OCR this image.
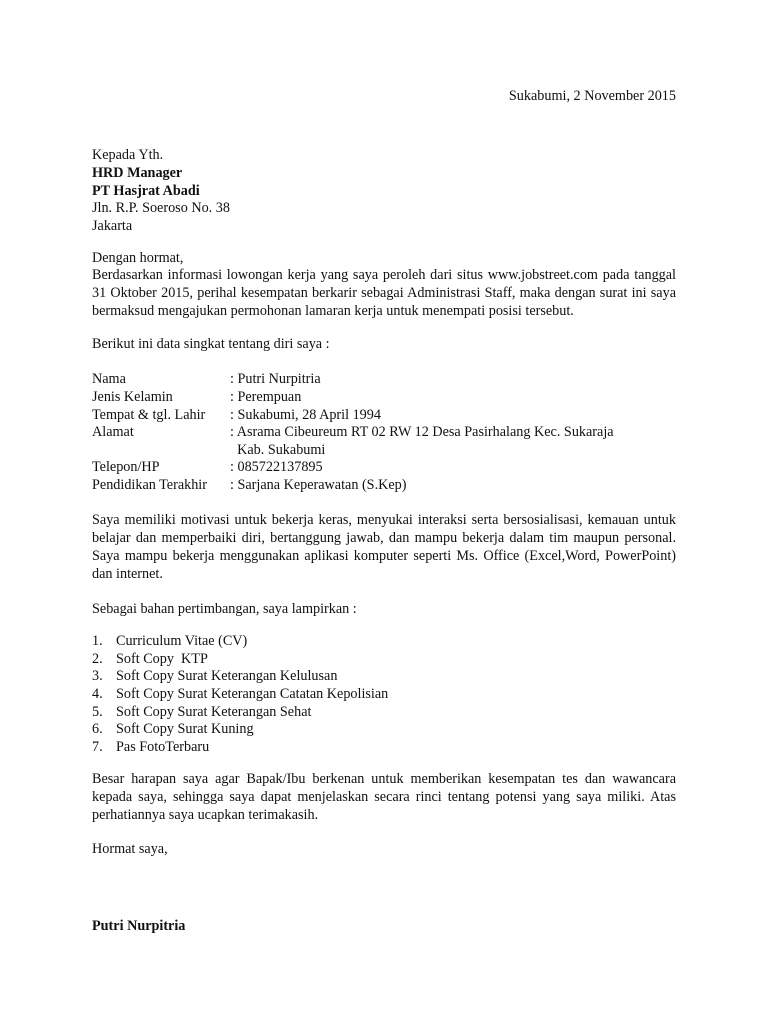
Sukabumi, 2 November 2015
Kepada Yth.
HRD Manager
PT Hasjrat Abadi
Jln. R.P. Soeroso No. 38
Jakarta
Dengan hormat,
Berdasarkan informasi lowongan kerja yang saya peroleh dari situs www.jobstreet.com pada tanggal
31 Oktober 2015, perihal kesempatan berkarir sebagai Administrasi Staff, maka dengan surat ini saya
bermaksud mengajukan permohonan lamaran kerja untuk menempati posisi tersebut.
Berikut ini data singkat tentang diri saya :
Nama	: Putri Nurpitria
Jenis Kelamin	: Perempuan
Tempat & tgl. Lahir : Sukabumi, 28 April 1994
Alamat	: Asrama Cibeureum RT 02 RW 12 Desa Pasirhalang Kec. Sukaraja
Kab. Sukabumi
Telepon/HP	: 085722137895
Pendidikan Terakhir : Sarjana Keperawatan (S.Kep)
Saya memiliki motivasi untuk bekerja keras, menyukai interaksi serta bersosialisasi, kemauan untuk
belajar dan memperbaiki diri, bertanggung jawab, dan mampu bekerja dalam tim maupun personal.
Saya mampu bekerja menggunakan aplikasi komputer seperti Ms. Office (Excel,Word, PowerPoint)
dan internet.
Sebagai bahan pertimbangan, saya lampirkan :
1. Curriculum Vitae (CV)
2. Soft Copy  KTP
3. Soft Copy Surat Keterangan Kelulusan
4. Soft Copy Surat Keterangan Catatan Kepolisian
5. Soft Copy Surat Keterangan Sehat
6. Soft Copy Surat Kuning
7. Pas FotoTerbaru
Besar harapan saya agar Bapak/Ibu berkenan untuk memberikan kesempatan tes dan wawancara
kepada saya, sehingga saya dapat menjelaskan secara rinci tentang potensi yang saya miliki. Atas
perhatiannya saya ucapkan terimakasih.
Hormat saya,
Putri Nurpitria
